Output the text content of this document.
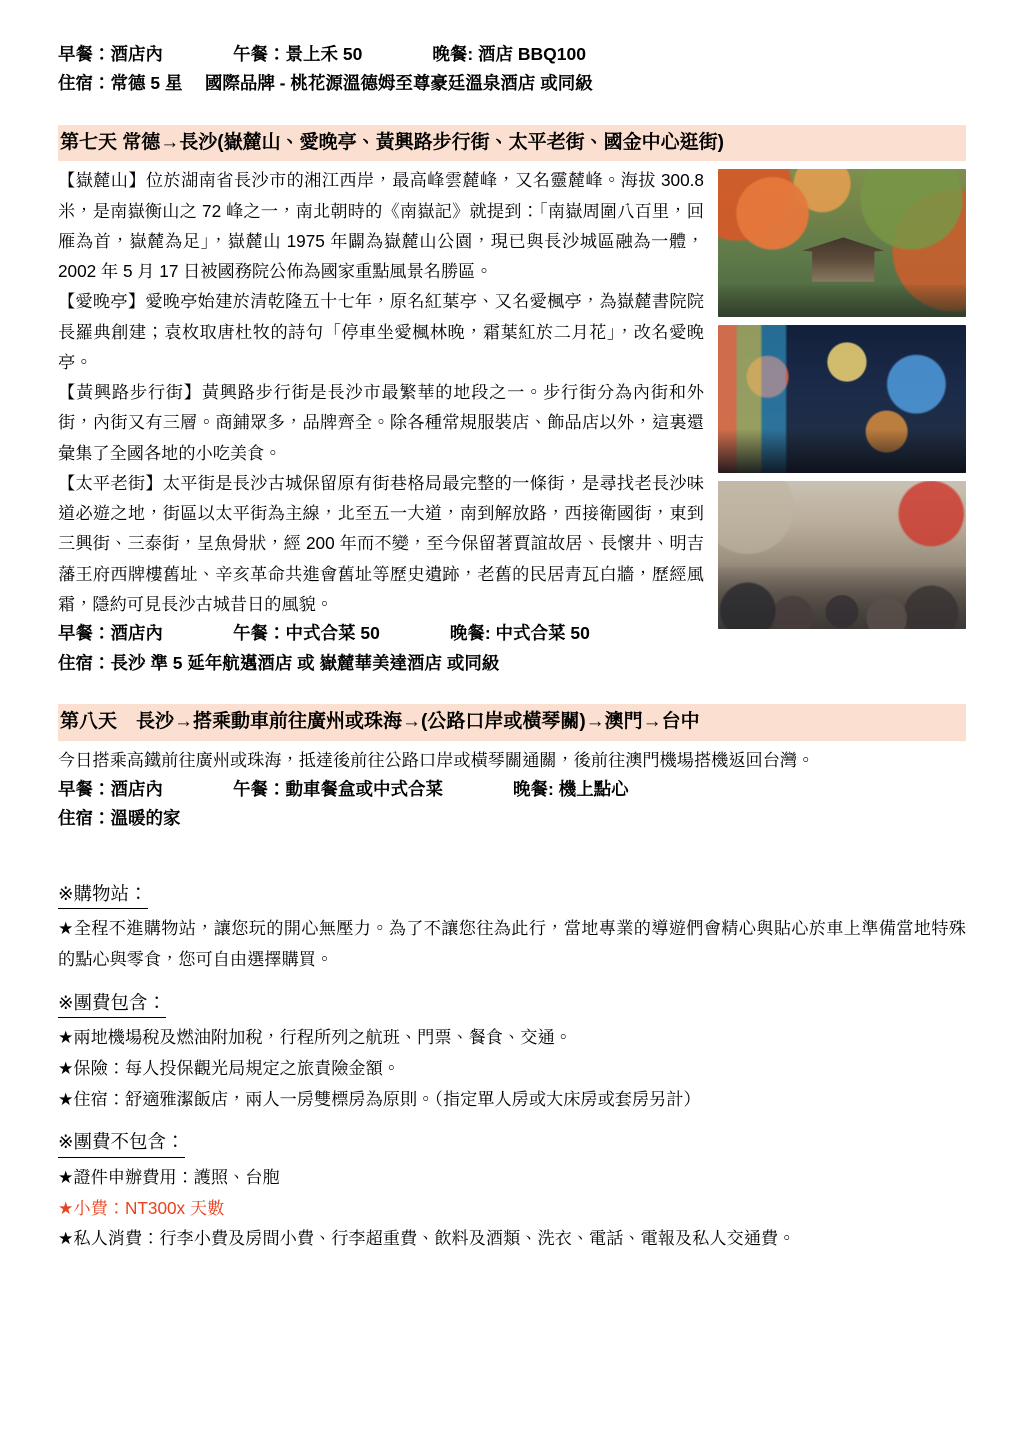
早餐：酒店內　　　　午餐：景上禾 50　　　　晚餐: 酒店 BBQ100
住宿：常德 5 星　 國際品牌 - 桃花源溫德姆至尊豪廷溫泉酒店 或同級
第七天 常德→長沙(嶽麓山、愛晚亭、黃興路步行街、太平老街、國金中心逛街)

【嶽麓山】位於湖南省長沙市的湘江西岸，最高峰雲麓峰，又名靈麓峰。海拔 300.8 米，是南嶽衡山之 72 峰之一，南北朝時的《南嶽記》就提到：「南嶽周圍八百里，回雁為首，嶽麓為足」，嶽麓山 1975 年闢為嶽麓山公園，現已與長沙城區融為一體，2002 年 5 月 17 日被國務院公佈為國家重點風景名勝區。

【愛晚亭】愛晚亭始建於清乾隆五十七年，原名紅葉亭、又名愛楓亭，為嶽麓書院院長羅典創建；袁枚取唐杜牧的詩句「停車坐愛楓林晚，霜葉紅於二月花」，改名愛晚亭。

【黃興路步行街】黃興路步行街是長沙市最繁華的地段之一。步行街分為內街和外街，內街又有三層。商鋪眾多，品牌齊全。除各種常規服裝店、飾品店以外，這裏還彙集了全國各地的小吃美食。

【太平老街】太平街是長沙古城保留原有街巷格局最完整的一條街，是尋找老長沙味道必遊之地，街區以太平街為主線，北至五一大道，南到解放路，西接衛國街，東到三興街、三泰街，呈魚骨狀，經 200 年而不變，至今保留著賈誼故居、長懷井、明吉藩王府西牌樓舊址、辛亥革命共進會舊址等歷史遺跡，老舊的民居青瓦白牆，歷經風霜，隱約可見長沙古城昔日的風貌。

早餐：酒店內　　　　午餐：中式合菜 50　　　　晚餐: 中式合菜 50
住宿：長沙 準 5 延年航邁酒店 或 嶽麓華美達酒店 或同級
第八天　長沙→搭乘動車前往廣州或珠海→(公路口岸或橫琴關)→澳門→台中

今日搭乘高鐵前往廣州或珠海，抵達後前往公路口岸或橫琴關通關，後前往澳門機場搭機返回台灣。

早餐：酒店內　　　　午餐：動車餐盒或中式合菜　　　　晚餐: 機上點心
住宿：溫暖的家
※購物站：

★全程不進購物站，讓您玩的開心無壓力。為了不讓您往為此行，當地專業的導遊們會精心與貼心於車上準備當地特殊的點心與零食，您可自由選擇購買。

※團費包含：

★兩地機場稅及燃油附加稅，行程所列之航班、門票、餐食、交通。

★保險：每人投保觀光局規定之旅責險金額。

★住宿：舒適雅潔飯店，兩人一房雙標房為原則。（指定單人房或大床房或套房另計）

※團費不包含：

★證件申辦費用：護照、台胞

★小費：NT300x 天數

★私人消費：行李小費及房間小費、行李超重費、飲料及酒類、洗衣、電話、電報及私人交通費。
